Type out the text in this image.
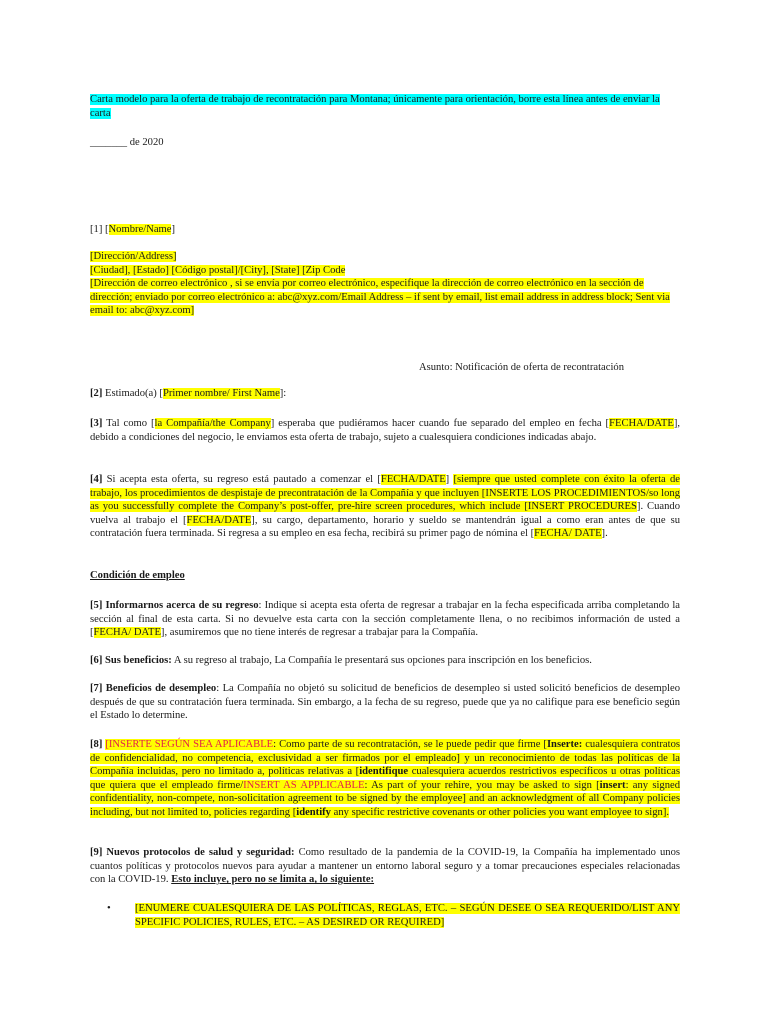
Carta modelo para la oferta de trabajo de recontratación para Montana; únicamente para orientación, borre esta línea antes de enviar la carta
_______ de 2020
[1] [Nombre/Name]
[Dirección/Address]
[Ciudad], [Estado] [Código postal]/[City], [State] [Zip Code
[Dirección de correo electrónico , si se envía por correo electrónico, especifique la dirección de correo electrónico en la sección de dirección; enviado por correo electrónico a: abc@xyz.com/Email Address – if sent by email, list email address in address block; Sent via email to: abc@xyz.com]
Asunto: Notificación de oferta de recontratación
[2] Estimado(a) [Primer nombre/ First Name]:
[3] Tal como [la Compañía/the Company] esperaba que pudiéramos hacer cuando fue separado del empleo en fecha [FECHA/DATE], debido a condiciones del negocio, le enviamos esta oferta de trabajo, sujeto a cualesquiera condiciones indicadas abajo.
[4] Si acepta esta oferta, su regreso está pautado a comenzar el [FECHA/DATE] [siempre que usted complete con éxito la oferta de trabajo, los procedimientos de despistaje de precontratación de la Compañía y que incluyen [INSERTE LOS PROCEDIMIENTOS/so long as you successfully complete the Company’s post-offer, pre-hire screen procedures, which include [INSERT PROCEDURES]. Cuando vuelva al trabajo el [FECHA/DATE], su cargo, departamento, horario y sueldo se mantendrán igual a como eran antes de que su contratación fuera terminada. Si regresa a su empleo en esa fecha, recibirá su primer pago de nómina el [FECHA/ DATE].
Condición de empleo
[5] Informarnos acerca de su regreso: Indique si acepta esta oferta de regresar a trabajar en la fecha especificada arriba completando la sección al final de esta carta. Si no devuelve esta carta con la sección completamente llena, o no recibimos información de usted a [FECHA/ DATE], asumiremos que no tiene interés de regresar a trabajar para la Compañía.
[6] Sus beneficios: A su regreso al trabajo, La Compañía le presentará sus opciones para inscripción en los beneficios.
[7] Beneficios de desempleo: La Compañía no objetó su solicitud de beneficios de desempleo si usted solicitó beneficios de desempleo después de que su contratación fuera terminada. Sin embargo, a la fecha de su regreso, puede que ya no califique para ese beneficio según el Estado lo determine.
[8] [INSERTE SEGÚN SEA APLICABLE: Como parte de su recontratación, se le puede pedir que firme [Inserte: cualesquiera contratos de confidencialidad, no competencia, exclusividad a ser firmados por el empleado] y un reconocimiento de todas las políticas de la Compañía incluidas, pero no limitado a, políticas relativas a [identifique cualesquiera acuerdos restrictivos específicos u otras políticas que quiera que el empleado firme/INSERT AS APPLICABLE: As part of your rehire, you may be asked to sign [insert: any signed confidentiality, non-compete, non-solicitation agreement to be signed by the employee] and an acknowledgment of all Company policies including, but not limited to, policies regarding [identify any specific restrictive covenants or other policies you want employee to sign].
[9] Nuevos protocolos de salud y seguridad: Como resultado de la pandemia de la COVID-19, la Compañía ha implementado unos cuantos políticas y protocolos nuevos para ayudar a mantener un entorno laboral seguro y a tomar precauciones especiales relacionadas con la COVID-19. Esto incluye, pero no se limita a, lo siguiente:
•	[ENUMERE CUALESQUIERA DE LAS POLÍTICAS, REGLAS, ETC. – SEGÚN DESEE O SEA REQUERIDO/LIST ANY SPECIFIC POLICIES, RULES, ETC. – AS DESIRED OR REQUIRED]
